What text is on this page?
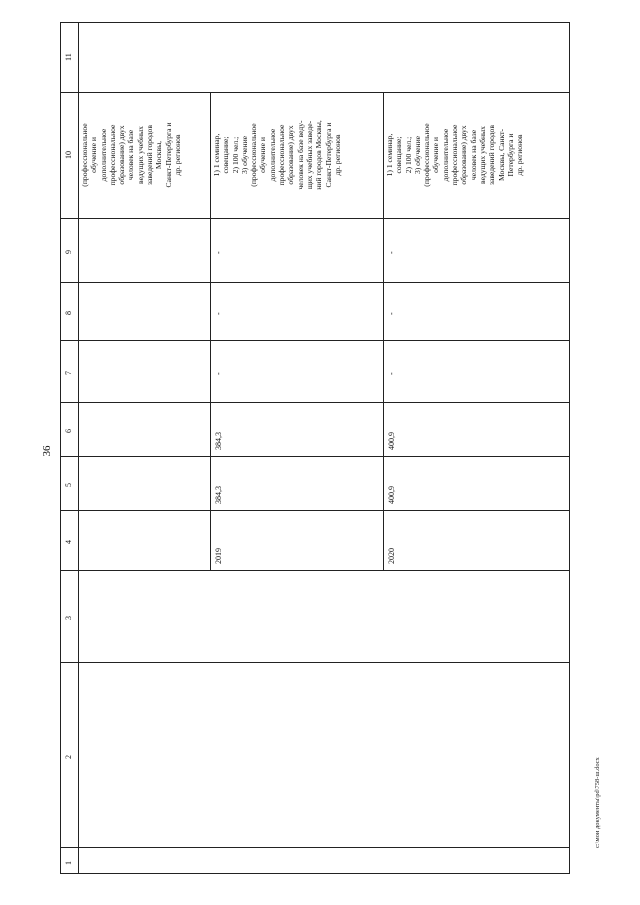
36
c:\мои документы\pd\758-ш.docx
1
2
3
4
5
6
7
8
9
10
11
(профессиональное
обучение и
дополнительное
профессиональное
образование) двух
человек на базе
ведущих учебных
заведений городов
Москвы,
Санкт-Петербурга и
др. регионов
2019
384,3
384,3
-
-
-
1) 1 семинар,
совещание;
2) 100 чел.;
3) обучение
(профессиональное
обучение и
дополнительное
профессиональное
образование) двух
человек на базе веду-
щих учебных заведе-
ний городов Москвы,
Санкт-Петербурга и
др. регионов
2020
400,9
400,9
-
-
-
1) 1 семинар,
совещание;
2) 100 чел.;
3) обучение
(профессиональное
обучение и
дополнительное
профессиональное
образование) двух
человек на базе
ведущих учебных
заведений городов
Москвы, Санкт-
Петербурга и
др. регионов
